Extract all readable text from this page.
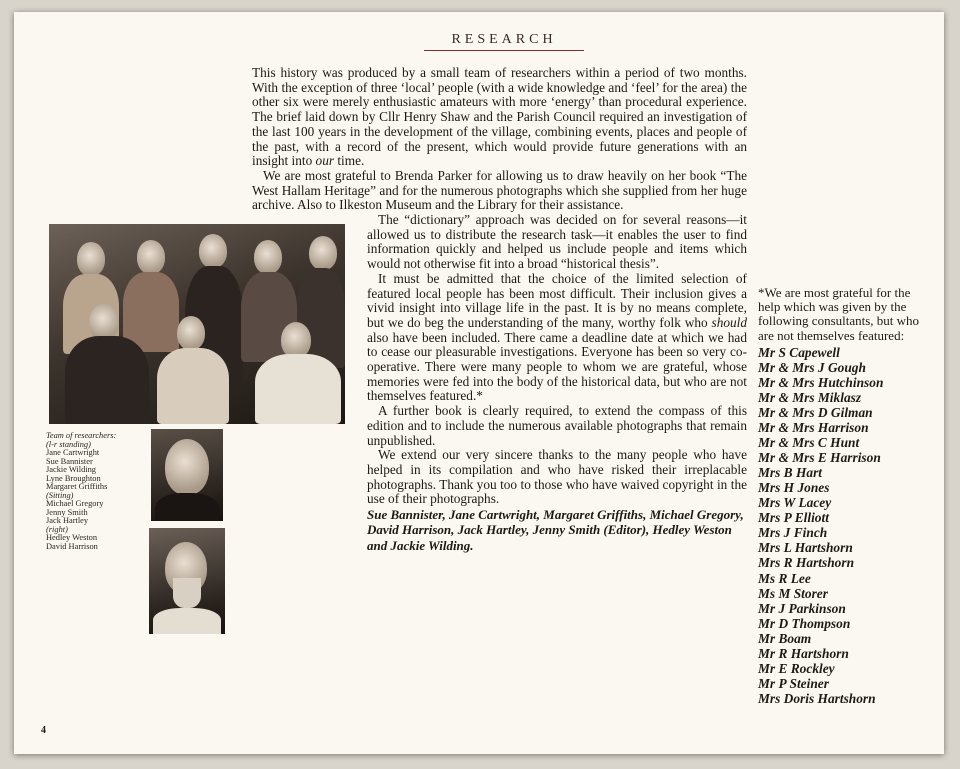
RESEARCH

This history was produced by a small team of researchers within a period of two months. With the exception of three ‘local’ people (with a wide knowledge and ‘feel’ for the area) the other six were merely enthusiastic amateurs with more ‘energy’ than procedural experience. The brief laid down by Cllr Henry Shaw and the Parish Council required an investigation of the last 100 years in the development of the village, combining events, places and people of the past, with a record of the present, which would provide future generations with an insight into our time.

We are most grateful to Brenda Parker for allowing us to draw heavily on her book “The West Hallam Heritage” and for the numerous photographs which she supplied from her huge archive. Also to Ilkeston Museum and the Library for their assistance.

The “dictionary” approach was decided on for several reasons—it allowed us to distribute the research task—it enables the user to find information quickly and helped us include people and items which would not otherwise fit into a broad “historical thesis”.

It must be admitted that the choice of the limited selection of featured local people has been most difficult. Their inclusion gives a vivid insight into village life in the past. It is by no means complete, but we do beg the understanding of the many, worthy folk who should also have been included. There came a deadline date at which we had to cease our pleasurable investigations. Everyone has been so very co-operative. There were many people to whom we are grateful, whose memories were fed into the body of the historical data, but who are not themselves featured.*

A further book is clearly required, to extend the compass of this edition and to include the numerous available photographs that remain unpublished.

We extend our very sincere thanks to the many people who have helped in its compilation and who have risked their irreplacable photographs. Thank you too to those who have waived copyright in the use of their photographs.

Sue Bannister, Jane Cartwright, Margaret Griffiths, Michael Gregory, David Harrison, Jack Hartley, Jenny Smith (Editor), Hedley Weston and Jackie Wilding.

Team of researchers:
(l-r standing)
Jane Cartwright
Sue Bannister
Jackie Wilding
Lyne Broughton
Margaret Griffiths
(Sitting)
Michael Gregory
Jenny Smith
Jack Hartley
(right)
Hedley Weston
David Harrison

*We are most grateful for the help which was given by the following consultants, but who are not themselves featured:

Mr S Capewell
Mr & Mrs J Gough
Mr & Mrs Hutchinson
Mr & Mrs Miklasz
Mr & Mrs D Gilman
Mr & Mrs Harrison
Mr & Mrs C Hunt
Mr & Mrs E Harrison
Mrs B Hart
Mrs H Jones
Mrs W Lacey
Mrs P Elliott
Mrs J Finch
Mrs L Hartshorn
Mrs R Hartshorn
Ms R Lee
Ms M Storer
Mr J Parkinson
Mr D Thompson
Mr Boam
Mr R Hartshorn
Mr E Rockley
Mr P Steiner
Mrs Doris Hartshorn
4
